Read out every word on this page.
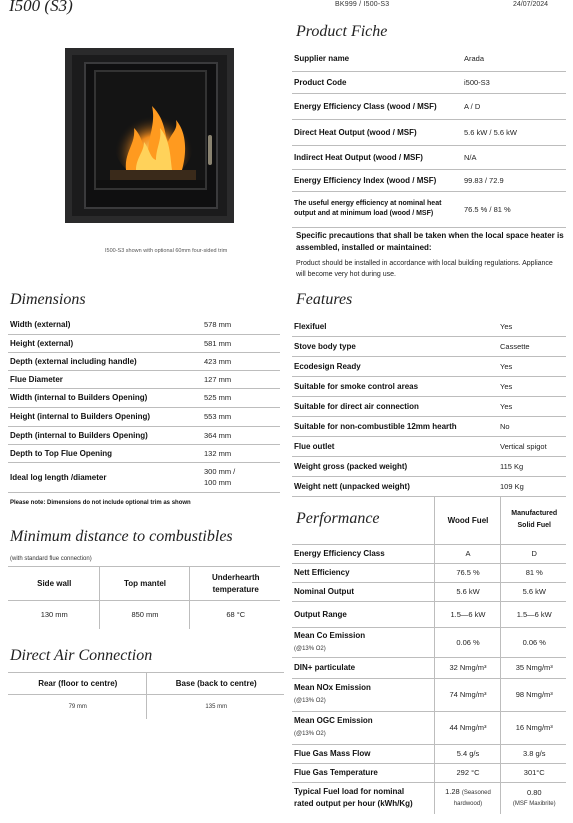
I500 (S3)	BK999 / I500-S3	24/07/2024
I500-S3 shown with optional 60mm four-sided trim
Product Fiche
Supplier name	Arada
Product Code	i500-S3
Energy Efficiency Class (wood / MSF)	A / D
Direct Heat Output (wood / MSF)	5.6 kW / 5.6 kW
Indirect Heat Output (wood / MSF)	N/A
Energy Efficiency Index (wood / MSF)	99.83 / 72.9
The useful energy efficiency at nominal heat output and at minimum load (wood / MSF)	76.5 % / 81 %
Specific precautions that shall be taken when the local space heater is assembled, installed or maintained:
Product should be installed in accordance with local building regulations. Appliance will become very hot during use.
Dimensions
Width (external)	578 mm
Height (external)	581 mm
Depth (external including handle)	423 mm
Flue Diameter	127 mm
Width (internal to Builders Opening)	525 mm
Height (internal to Builders Opening)	553 mm
Depth (internal to Builders Opening)	364 mm
Depth to Top Flue Opening	132 mm
Ideal log length /diameter	300 mm /
100 mm
Please note: Dimensions do not include optional trim as shown
Features
Flexifuel	Yes
Stove body type	Cassette
Ecodesign Ready	Yes
Suitable for smoke control areas	Yes
Suitable for direct air connection	Yes
Suitable for non-combustible 12mm hearth	No
Flue outlet	Vertical spigot
Weight gross (packed weight)	115 Kg
Weight nett (unpacked weight)	109 Kg
Minimum distance to combustibles
(with standard flue connection)
Side wall	Top mantel	Underhearth temperature
130 mm	850 mm	68 °C
Direct Air Connection
Rear (floor to centre)	Base (back to centre)
79 mm	135 mm
Performance
		Wood Fuel	Manufactured
Solid Fuel
Energy Efficiency Class	A	D
Nett Efficiency	76.5 %	81 %
Nominal Output	5.6 kW	5.6 kW
Output Range	1.5—6 kW	1.5—6 kW
Mean Co Emission
(@13% O2)	0.06 %	0.06 %
DIN+ particulate	32 Nmg/m³	35 Nmg/m³
Mean NOx Emission
(@13% O2)	74 Nmg/m³	98 Nmg/m³
Mean OGC Emission
(@13% O2)	44 Nmg/m³	16 Nmg/m³
Flue Gas Mass Flow	5.4 g/s	3.8 g/s
Flue Gas Temperature	292 °C	301°C
Typical Fuel load for nominal
rated output per hour (kWh/Kg)	1.28 (Seasoned hardwood)	0.80
(MSF Maxibrite)
